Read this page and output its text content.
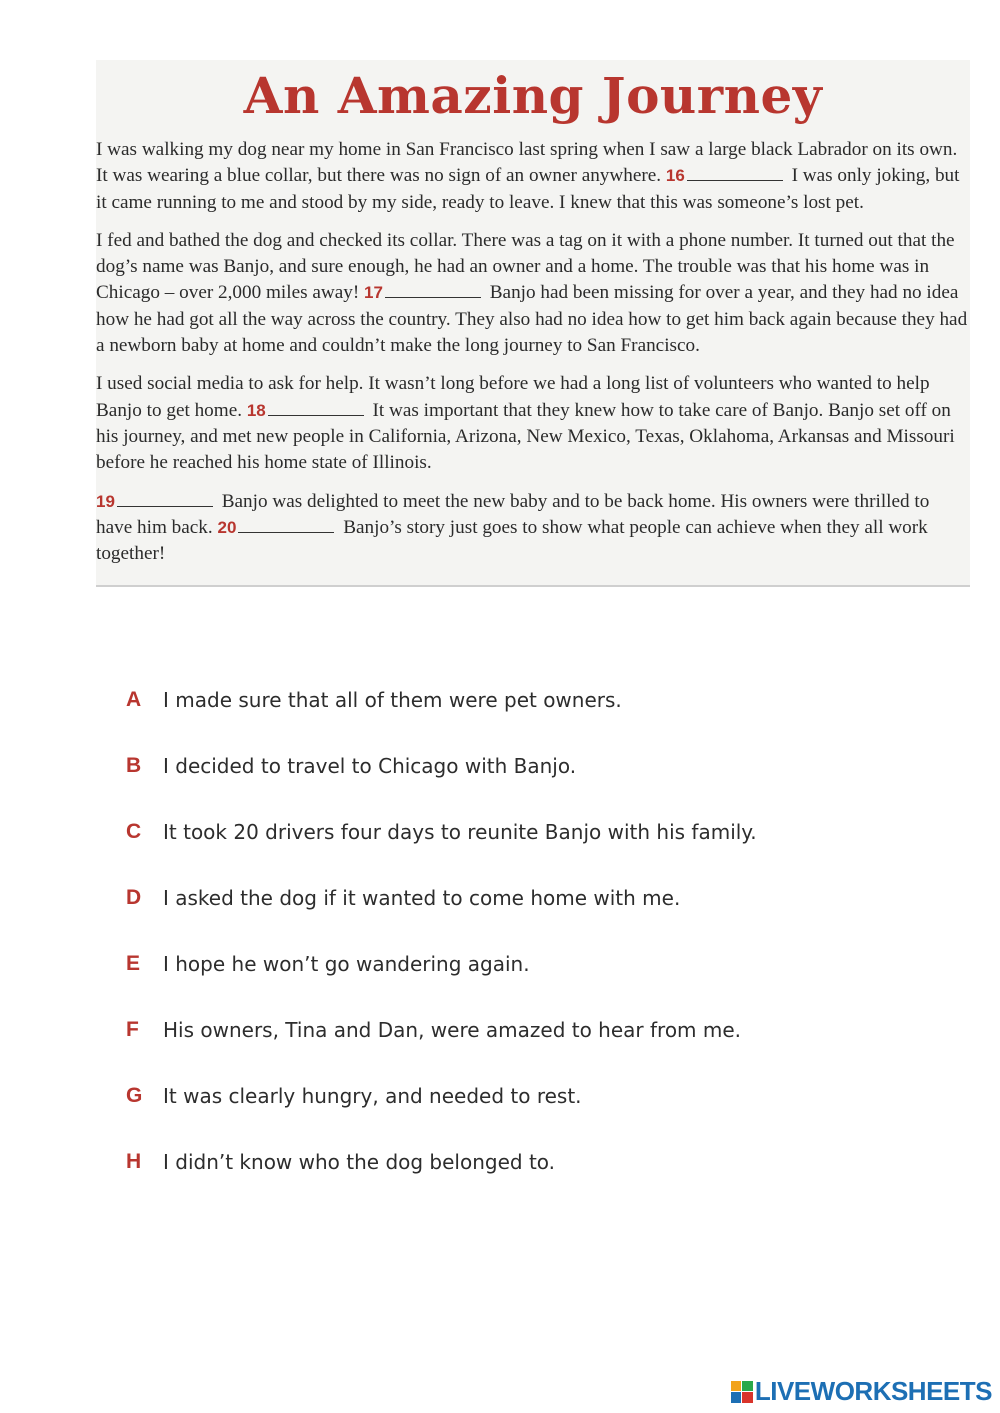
An Amazing Journey

I was walking my dog near my home in San Francisco last spring when I saw a large black Labrador on its own. It was wearing a blue collar, but there was no sign of an owner anywhere. 16	I was only joking, but it came running to me and stood by my side, ready to leave. I knew that this was someone’s lost pet.

I fed and bathed the dog and checked its collar. There was a tag on it with a phone number. It turned out that the dog’s name was Banjo, and sure enough, he had an owner and a home. The trouble was that his home was in Chicago – over 2,000 miles away! 17	Banjo had been missing for over a year, and they had no idea how he had got all the way across the country. They also had no idea how to get him back again because they had a newborn baby at home and couldn’t make the long journey to San Francisco.

I used social media to ask for help. It wasn’t long before we had a long list of volunteers who wanted to help Banjo to get home. 18	It was important that they knew how to take care of Banjo. Banjo set off on his journey, and met new people in California, Arizona, New Mexico, Texas, Oklahoma, Arkansas and Missouri before he reached his home state of Illinois.

19	Banjo was delighted to meet the new baby and to be back home. His owners were thrilled to have him back. 20	Banjo’s story just goes to show what people can achieve when they all work together!

A	I made sure that all of them were pet owners.
B	I decided to travel to Chicago with Banjo.
C	It took 20 drivers four days to reunite Banjo with his family.
D	I asked the dog if it wanted to come home with me.
E	I hope he won’t go wandering again.
F	His owners, Tina and Dan, were amazed to hear from me.
G	It was clearly hungry, and needed to rest.
H	I didn’t know who the dog belonged to.
LIVEWORKSHEETS
